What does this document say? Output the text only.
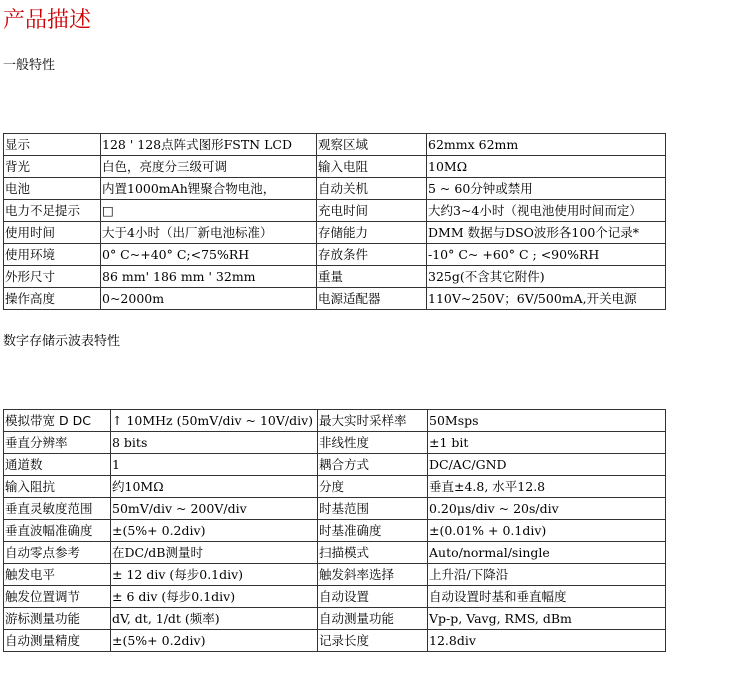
产品描述
一般特性
显示	128 ' 128点阵式图形FSTN LCD	观察区域	62mmx 62mm
背光	白色，亮度分三级可调	输入电阻	10MΩ
电池	内置1000mAh锂聚合物电池，	自动关机	5 ~ 60分钟或禁用
电力不足提示	□	充电时间	大约3~4小时（视电池使用时间而定）
使用时间	大于4小时（出厂新电池标准）	存储能力	DMM 数据与DSO波形各100个记录*
使用环境	0° C~+40° C;<75%RH	存放条件	-10° C~ +60° C ; <90%RH
外形尺寸	86 mm' 186 mm ' 32mm	重量	325g(不含其它附件)
操作高度	0~2000m	电源适配器	110V~250V；6V/500mA,开关电源
数字存储示波表特性
模拟带宽 D DC	↑ 10MHz (50mV/div ~ 10V/div)	最大实时采样率	50Msps
垂直分辨率	8 bits	非线性度	±1 bit
通道数	1	耦合方式	DC/AC/GND
输入阻抗	约10MΩ	分度	垂直±4.8, 水平12.8
垂直灵敏度范围	50mV/div ~ 200V/div	时基范围	0.20μs/div ~ 20s/div
垂直波幅准确度	±(5%+ 0.2div)	时基准确度	±(0.01% + 0.1div)
自动零点参考	在DC/dB测量时	扫描模式	Auto/normal/single
触发电平	± 12 div (每步0.1div)	触发斜率选择	上升沿/下降沿
触发位置调节	± 6 div (每步0.1div)	自动设置	自动设置时基和垂直幅度
游标测量功能	dV, dt, 1/dt (频率)	自动测量功能	Vp-p, Vavg, RMS, dBm
自动测量精度	±(5%+ 0.2div)	记录长度	12.8div
